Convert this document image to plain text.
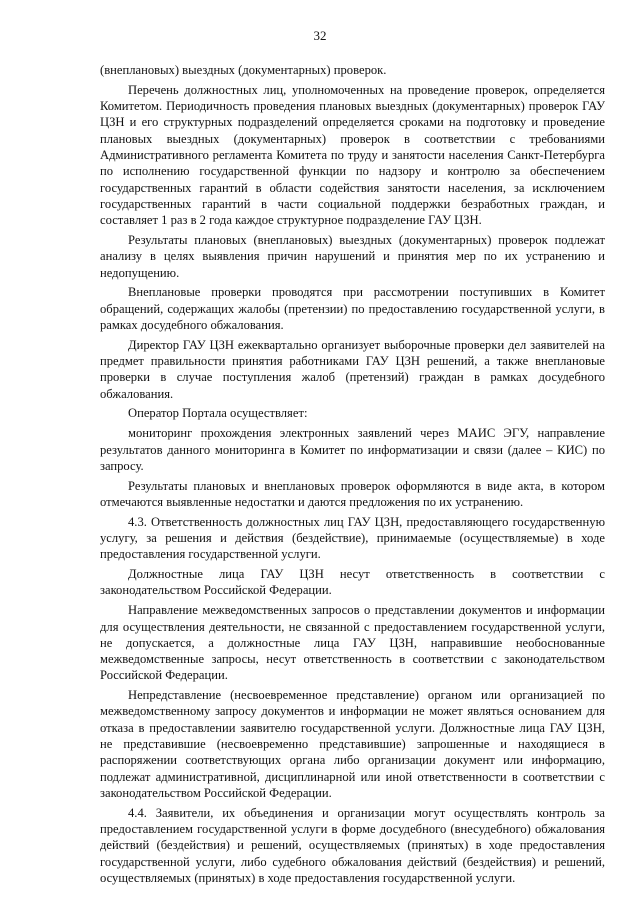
32

(внеплановых) выездных (документарных) проверок.

Перечень должностных лиц, уполномоченных на проведение проверок, определяется Комитетом. Периодичность проведения плановых выездных (документарных) проверок ГАУ ЦЗН и его структурных подразделений определяется сроками на подготовку и проведение плановых выездных (документарных) проверок в соответствии с требованиями Административного регламента Комитета по труду и занятости населения Санкт-Петербурга по исполнению государственной функции по надзору и контролю за обеспечением государственных гарантий в области содействия занятости населения, за исключением государственных гарантий в части социальной поддержки безработных граждан, и составляет 1 раз в 2 года каждое структурное подразделение ГАУ ЦЗН.

Результаты плановых (внеплановых) выездных (документарных) проверок подлежат анализу в целях выявления причин нарушений и принятия мер по их устранению и недопущению.

Внеплановые проверки проводятся при рассмотрении поступивших в Комитет обращений, содержащих жалобы (претензии) по предоставлению государственной услуги, в рамках досудебного обжалования.

Директор ГАУ ЦЗН ежеквартально организует выборочные проверки дел заявителей на предмет правильности принятия работниками ГАУ ЦЗН решений, а также внеплановые проверки в случае поступления жалоб (претензий) граждан в рамках досудебного обжалования.

Оператор Портала осуществляет:

мониторинг прохождения электронных заявлений через МАИС ЭГУ, направление результатов данного мониторинга в Комитет по информатизации и связи (далее – КИС) по запросу.

Результаты плановых и внеплановых проверок оформляются в виде акта, в котором отмечаются выявленные недостатки и даются предложения по их устранению.

4.3. Ответственность должностных лиц ГАУ ЦЗН, предоставляющего государственную услугу, за решения и действия (бездействие), принимаемые (осуществляемые) в ходе предоставления государственной услуги.

Должностные лица ГАУ ЦЗН несут ответственность в соответствии с законодательством Российской Федерации.

Направление межведомственных запросов о представлении документов и информации для осуществления деятельности, не связанной с предоставлением государственной услуги, не допускается, а должностные лица ГАУ ЦЗН, направившие необоснованные межведомственные запросы, несут ответственность в соответствии с законодательством Российской Федерации.

Непредставление (несвоевременное представление) органом или организацией по межведомственному запросу документов и информации не может являться основанием для отказа в предоставлении заявителю государственной услуги. Должностные лица ГАУ ЦЗН, не представившие (несвоевременно представившие) запрошенные и находящиеся в распоряжении соответствующих органа либо организации документ или информацию, подлежат административной, дисциплинарной или иной ответственности в соответствии с законодательством Российской Федерации.

4.4. Заявители, их объединения и организации могут осуществлять контроль за предоставлением государственной услуги в форме досудебного (внесудебного) обжалования действий (бездействия) и решений, осуществляемых (принятых) в ходе предоставления государственной услуги, либо судебного обжалования действий (бездействия) и решений, осуществляемых (принятых) в ходе предоставления государственной услуги.
